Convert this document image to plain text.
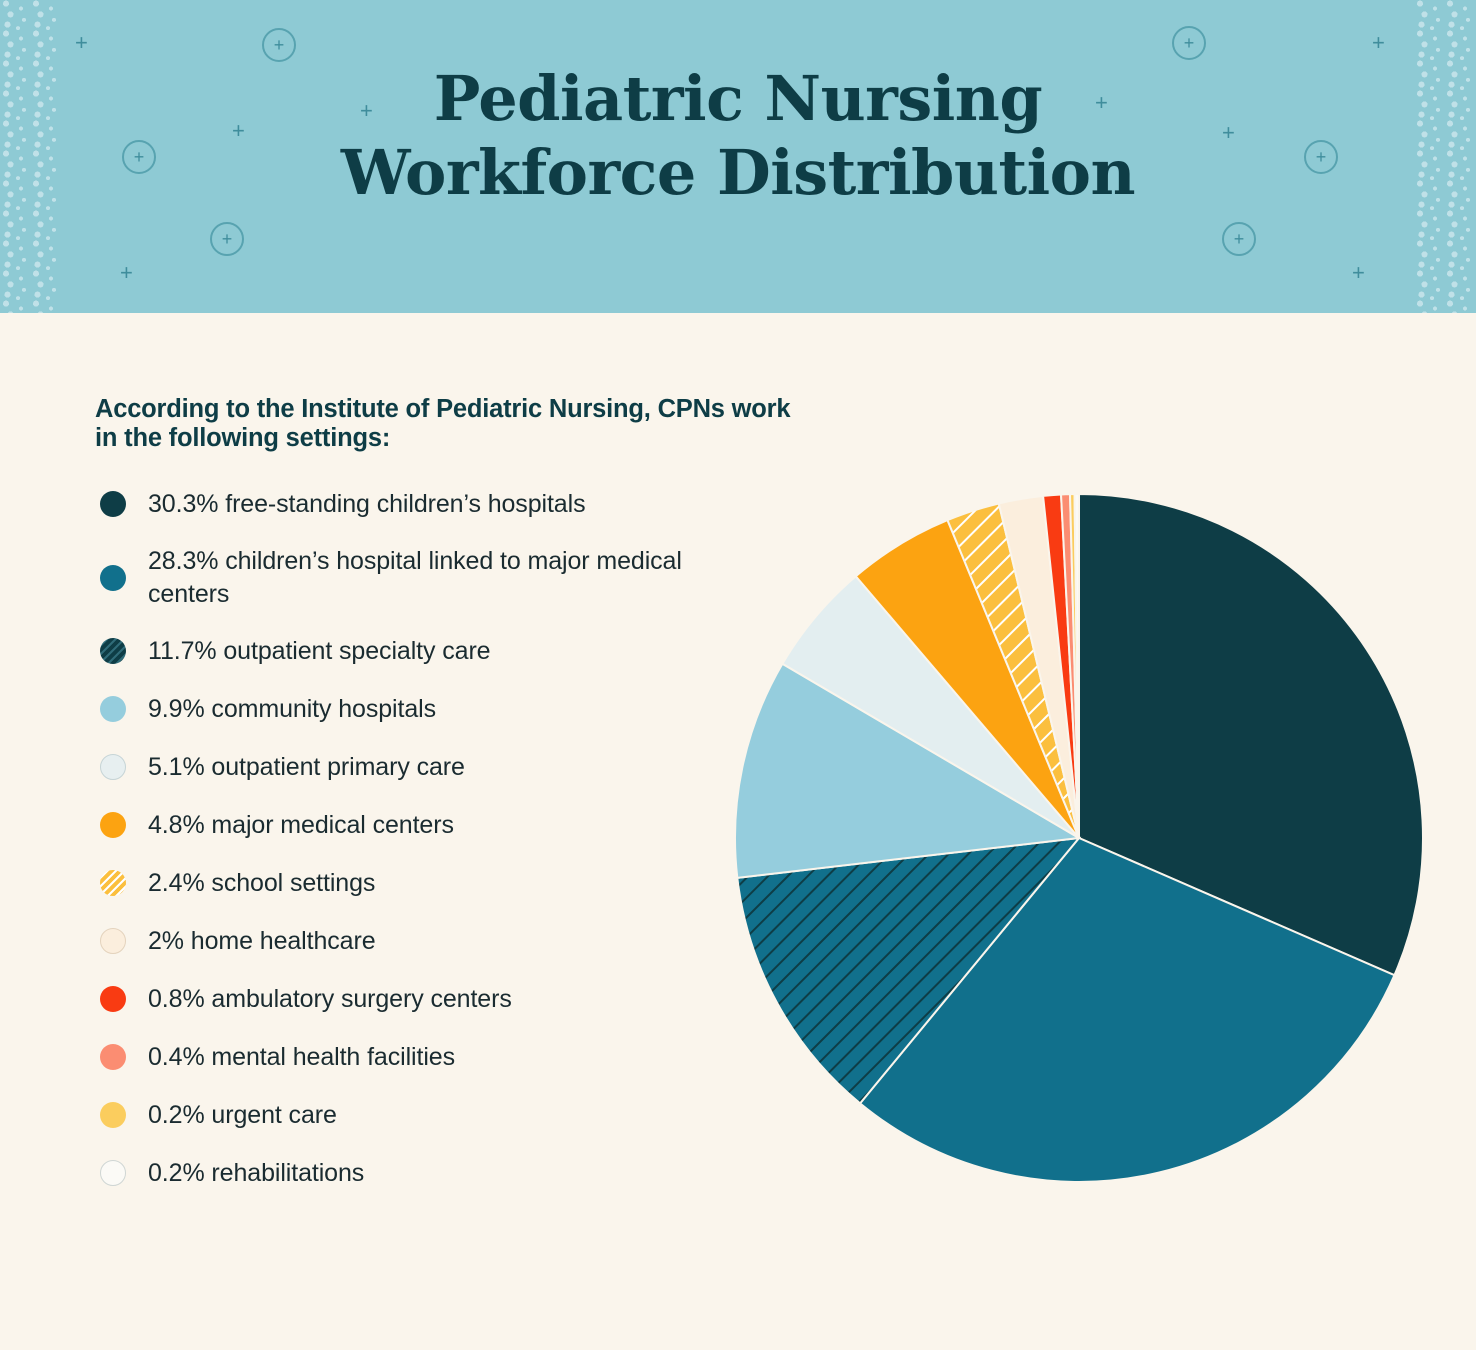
+
+
+
+	+
+
+
+
+
+
+
+
+
+
Pediatric Nursing
Workforce Distribution

According to the Institute of Pediatric Nursing, CPNs work in the following settings:

30.3% free-standing children’s hospitals
28.3% children’s hospital linked to major medical centers
11.7% outpatient specialty care
9.9% community hospitals
5.1% outpatient primary care
4.8% major medical centers
2.4% school settings
2% home healthcare
0.8% ambulatory surgery centers
0.4% mental health facilities
0.2% urgent care
0.2% rehabilitations
